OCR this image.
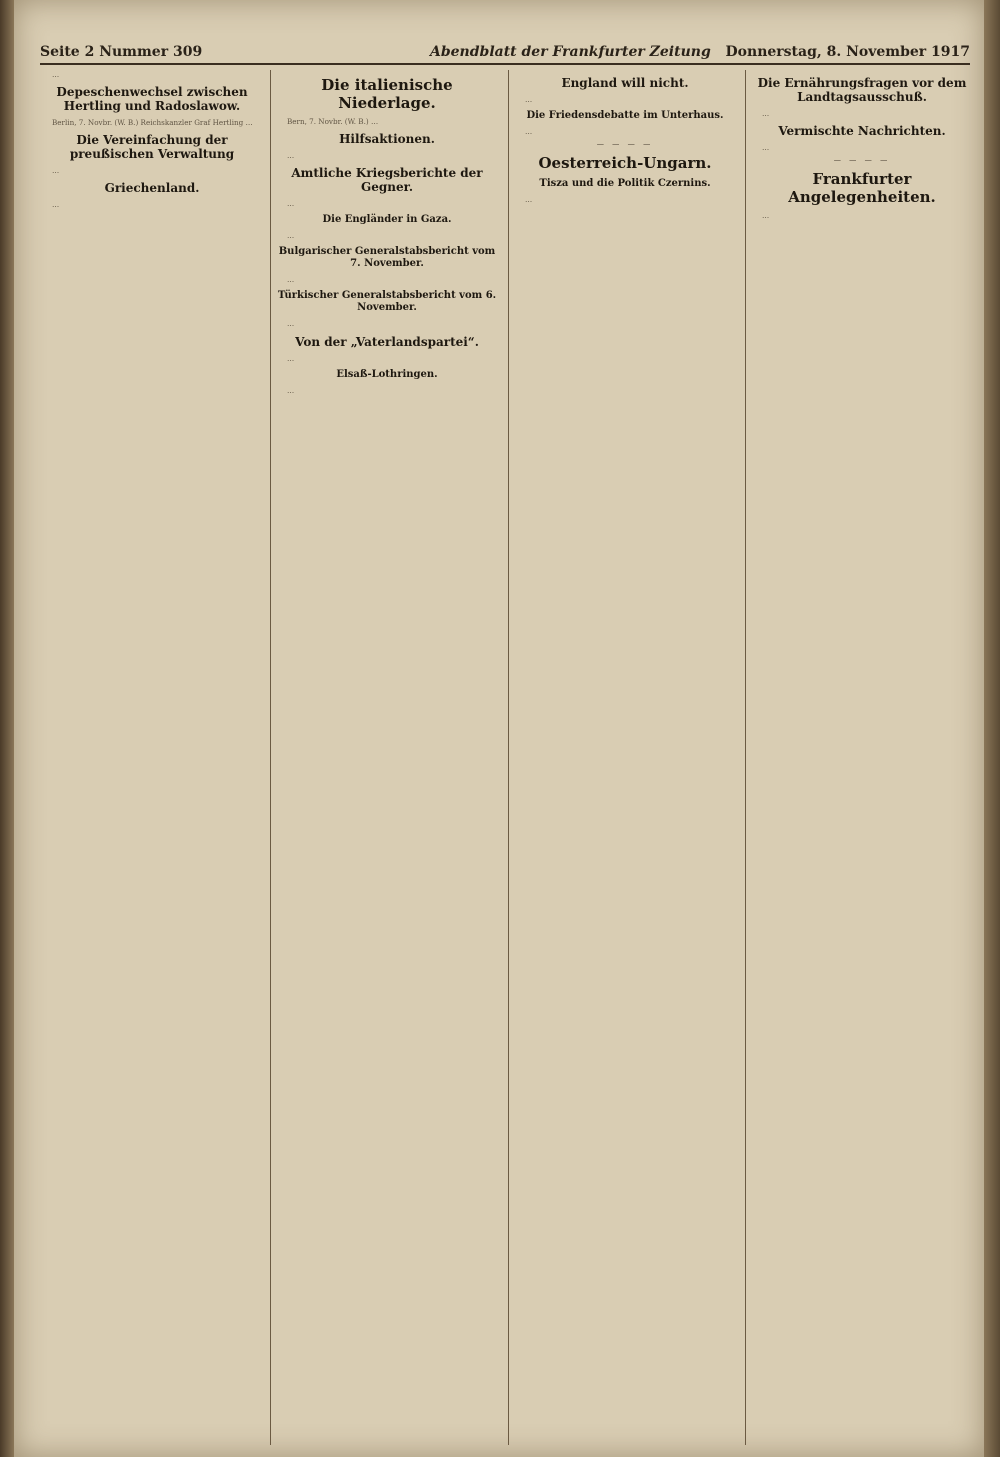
Seite 2 Nummer 309	Abendblatt der Frankfurter Zeitung Donnerstag, 8. November 1917
…
Depeschenwechsel zwischen Hertling und Radoslawow.
Berlin, 7. Novbr. (W. B.) Reichskanzler Graf Hertling …
Die Vereinfachung der preußischen Verwaltung
…
Griechenland.
…
Die italienische Niederlage.
Bern, 7. Novbr. (W. B.) …
Hilfsaktionen.
…
Amtliche Kriegsberichte der Gegner.
…
Die Engländer in Gaza.
…
Bulgarischer Generalstabsbericht vom 7. November.
…
Türkischer Generalstabsbericht vom 6. November.
…
Von der „Vaterlandspartei“.
…
Elsaß-Lothringen.
…
England will nicht.
…
Die Friedensdebatte im Unterhaus.
…
— — — —
Oesterreich-Ungarn.
Tisza und die Politik Czernins.
…
Die Ernährungsfragen vor dem Landtagsausschuß.
…
Vermischte Nachrichten.
…
— — — —
Frankfurter Angelegenheiten.
…
